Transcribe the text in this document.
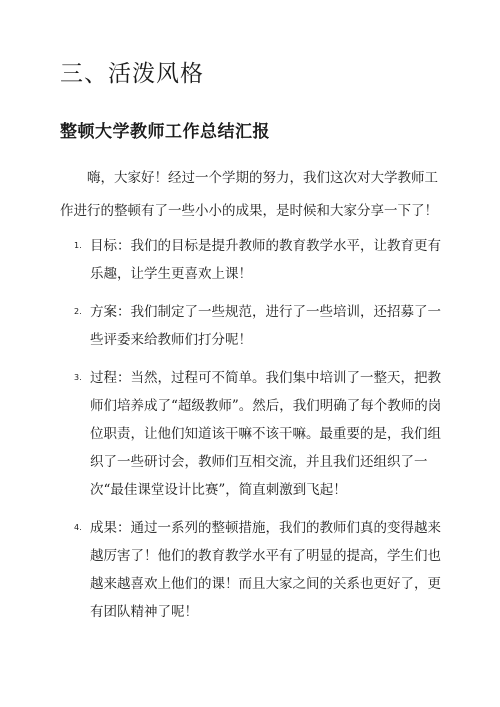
三、活泼风格
整顿大学教师工作总结汇报

嗨，大家好！经过一个学期的努力，我们这次对大学教师工作进行的整顿有了一些小小的成果，是时候和大家分享一下了！

1. 目标：我们的目标是提升教师的教育教学水平，让教育更有乐趣，让学生更喜欢上课！
2. 方案：我们制定了一些规范，进行了一些培训，还招募了一些评委来给教师们打分呢！
3. 过程：当然，过程可不简单。我们集中培训了一整天，把教师们培养成了“超级教师”。然后，我们明确了每个教师的岗位职责，让他们知道该干嘛不该干嘛。最重要的是，我们组织了一些研讨会，教师们互相交流，并且我们还组织了一次“最佳课堂设计比赛”，简直刺激到飞起！
4. 成果：通过一系列的整顿措施，我们的教师们真的变得越来越厉害了！他们的教育教学水平有了明显的提高，学生们也越来越喜欢上他们的课！而且大家之间的关系也更好了，更有团队精神了呢！
